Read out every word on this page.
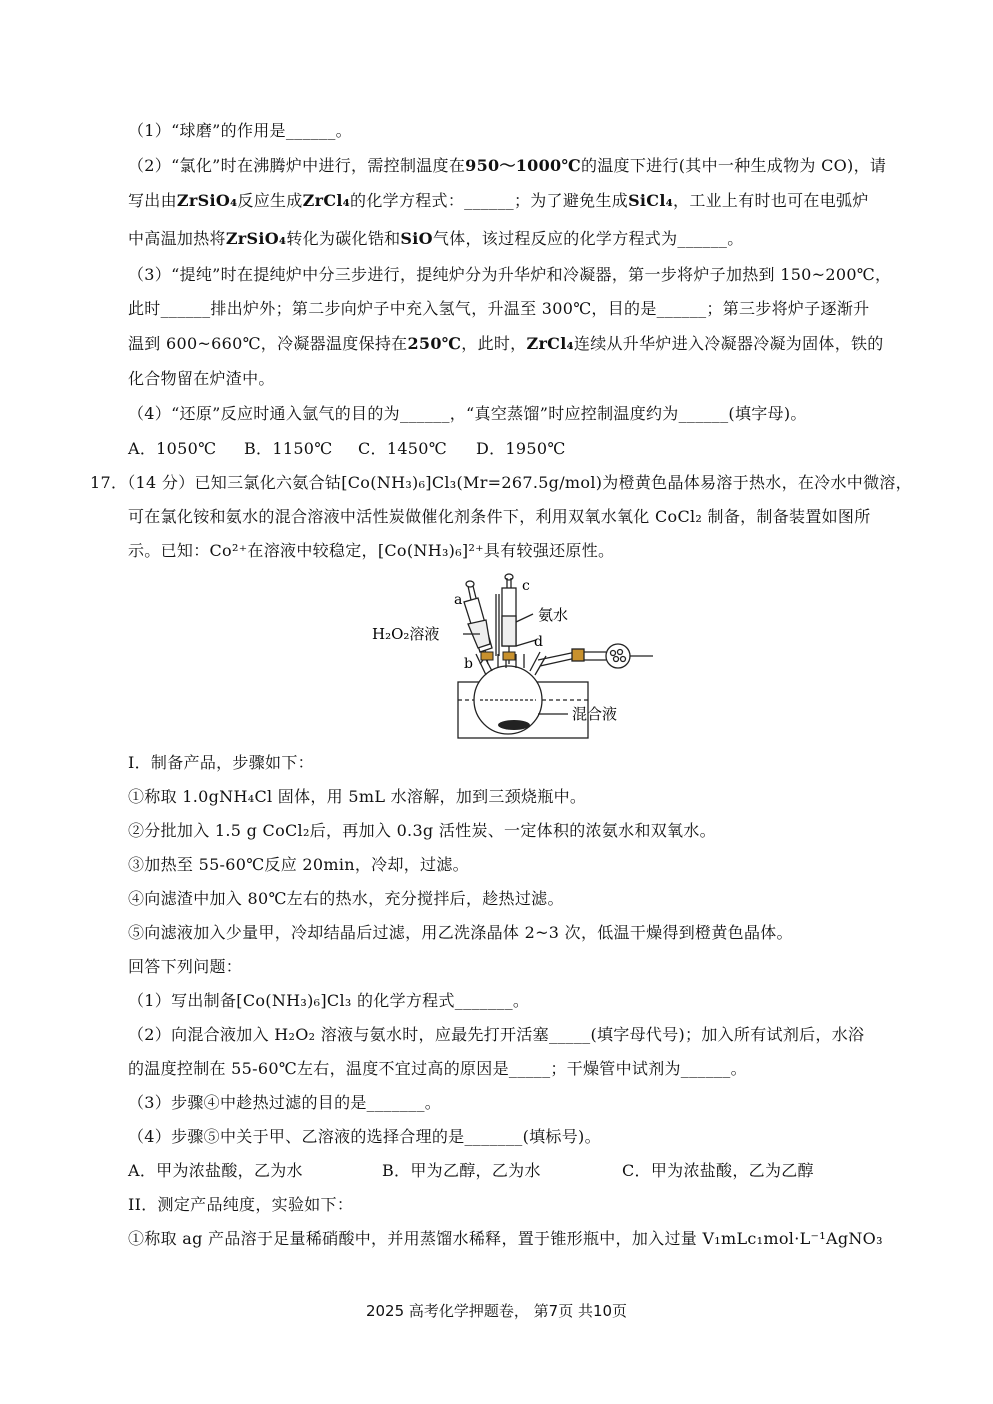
（1）“球磨”的作用是______。
（2）“氯化”时在沸腾炉中进行，需控制温度在950～1000℃的温度下进行(其中一种生成物为 CO)，请
写出由ZrSiO₄反应生成ZrCl₄的化学方程式：______；为了避免生成SiCl₄，工业上有时也可在电弧炉
中高温加热将ZrSiO₄转化为碳化锆和SiO气体，该过程反应的化学方程式为______。
（3）“提纯”时在提纯炉中分三步进行，提纯炉分为升华炉和冷凝器，第一步将炉子加热到 150~200℃，
此时______排出炉外；第二步向炉子中充入氢气，升温至 300℃，目的是______；第三步将炉子逐渐升
温到 600~660℃，冷凝器温度保持在250℃，此时，ZrCl₄连续从升华炉进入冷凝器冷凝为固体，铁的
化合物留在炉渣中。
（4）“还原”反应时通入氩气的目的为______，“真空蒸馏”时应控制温度约为______(填字母)。
A．1050℃ B．1150℃ C．1450℃ D．1950℃
17．（14 分）已知三氯化六氨合钴[Co(NH₃)₆]Cl₃(Mr=267.5g/mol)为橙黄色晶体易溶于热水，在冷水中微溶，
可在氯化铵和氨水的混合溶液中活性炭做催化剂条件下，利用双氧水氧化 CoCl₂ 制备，制备装置如图所
示。已知：Co²⁺在溶液中较稳定，[Co(NH₃)₆]²⁺具有较强还原性。
a
b
c
d
H₂O₂溶液
氨水
混合液
I．制备产品，步骤如下：
①称取 1.0gNH₄Cl 固体，用 5mL 水溶解，加到三颈烧瓶中。
②分批加入 1.5 g CoCl₂后，再加入 0.3g 活性炭、一定体积的浓氨水和双氧水。
③加热至 55-60℃反应 20min，冷却，过滤。
④向滤渣中加入 80℃左右的热水，充分搅拌后，趁热过滤。
⑤向滤液加入少量甲，冷却结晶后过滤，用乙洗涤晶体 2~3 次，低温干燥得到橙黄色晶体。
回答下列问题：
（1）写出制备[Co(NH₃)₆]Cl₃ 的化学方程式_______。
（2）向混合液加入 H₂O₂ 溶液与氨水时，应最先打开活塞_____(填字母代号)；加入所有试剂后，水浴
的温度控制在 55-60℃左右，温度不宜过高的原因是_____；干燥管中试剂为______。
（3）步骤④中趁热过滤的目的是_______。
（4）步骤⑤中关于甲、乙溶液的选择合理的是_______(填标号)。
A．甲为浓盐酸，乙为水	B．甲为乙醇，乙为水	C．甲为浓盐酸，乙为乙醇
II．测定产品纯度，实验如下：
①称取 ag 产品溶于足量稀硝酸中，并用蒸馏水稀释，置于锥形瓶中，加入过量 V₁mLc₁mol·L⁻¹AgNO₃
2025 高考化学押题卷， 第7页 共10页
